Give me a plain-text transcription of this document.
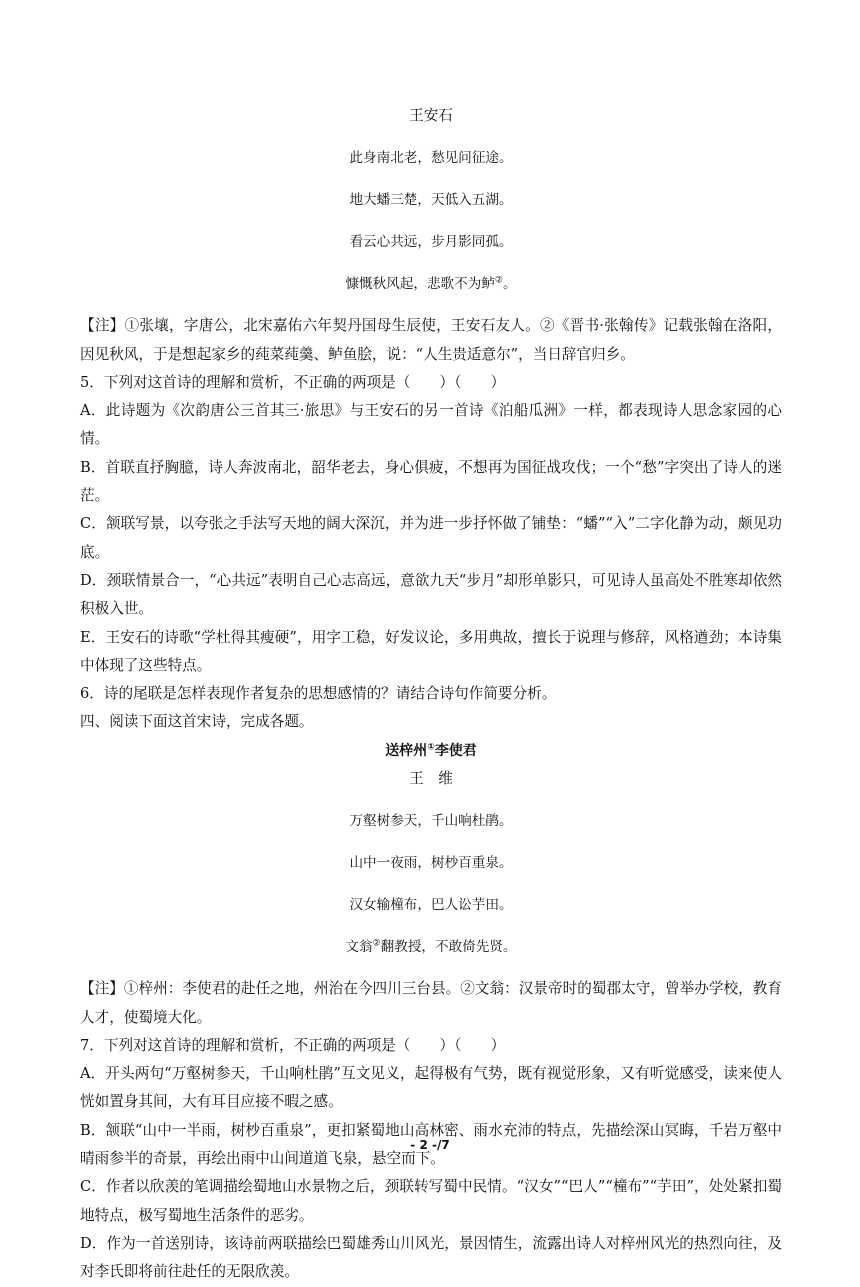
王安石

此身南北老，愁见问征途。

地大蟠三楚，天低入五湖。

看云心共远，步月影同孤。

慷慨秋风起，悲歌不为鲈②。

【注】①张壤，字唐公，北宋嘉佑六年契丹国母生辰使，王安石友人。②《晋书·张翰传》记载张翰在洛阳，因见秋风，于是想起家乡的莼菜莼羹、鲈鱼脍，说：“人生贵适意尔”，当日辞官归乡。

5．下列对这首诗的理解和赏析，不正确的两项是（　　）（　　）

A．此诗题为《次韵唐公三首其三·旅思》与王安石的另一首诗《泊船瓜洲》一样，都表现诗人思念家园的心情。

B．首联直抒胸臆，诗人奔波南北，韶华老去，身心俱疲，不想再为国征战攻伐；一个“愁”字突出了诗人的迷茫。

C．颔联写景，以夸张之手法写天地的阔大深沉，并为进一步抒怀做了铺垫：“蟠”“入”二字化静为动，颇见功底。

D．颈联情景合一，“心共远”表明自己心志高远，意欲九天“步月”却形单影只，可见诗人虽高处不胜寒却依然积极入世。

E．王安石的诗歌“学杜得其瘦硬”，用字工稳，好发议论，多用典故，擅长于说理与修辞，风格遒劲；本诗集中体现了这些特点。

6．诗的尾联是怎样表现作者复杂的思想感情的？请结合诗句作简要分析。

四、阅读下面这首宋诗，完成各题。

送梓州①李使君

王　维

万壑树参天，千山响杜鹃。

山中一夜雨，树杪百重泉。

汉女输橦布，巴人讼芋田。

文翁②翻教授，不敢倚先贤。

【注】①梓州：李使君的赴任之地，州治在今四川三台县。②文翁：汉景帝时的蜀郡太守，曾举办学校，教育人才，使蜀境大化。

7．下列对这首诗的理解和赏析，不正确的两项是（　　）（　　）

A．开头两句“万壑树参天，千山响杜鹃”互文见义，起得极有气势，既有视觉形象，又有听觉感受，读来使人恍如置身其间，大有耳目应接不暇之感。

B．颔联“山中一半雨，树杪百重泉”，更扣紧蜀地山高林密、雨水充沛的特点，先描绘深山冥晦，千岩万壑中晴雨参半的奇景，再绘出雨中山间道道飞泉，悬空而下。

C．作者以欣羡的笔调描绘蜀地山水景物之后，颈联转写蜀中民情。“汉女”“巴人”“橦布”“芋田”，处处紧扣蜀地特点，极写蜀地生活条件的恶劣。

D．作为一首送别诗，该诗前两联描绘巴蜀雄秀山川风光，景因情生，流露出诗人对梓州风光的热烈向往，及对李氏即将前往赴任的无限欣羡。

- 2 -/7
